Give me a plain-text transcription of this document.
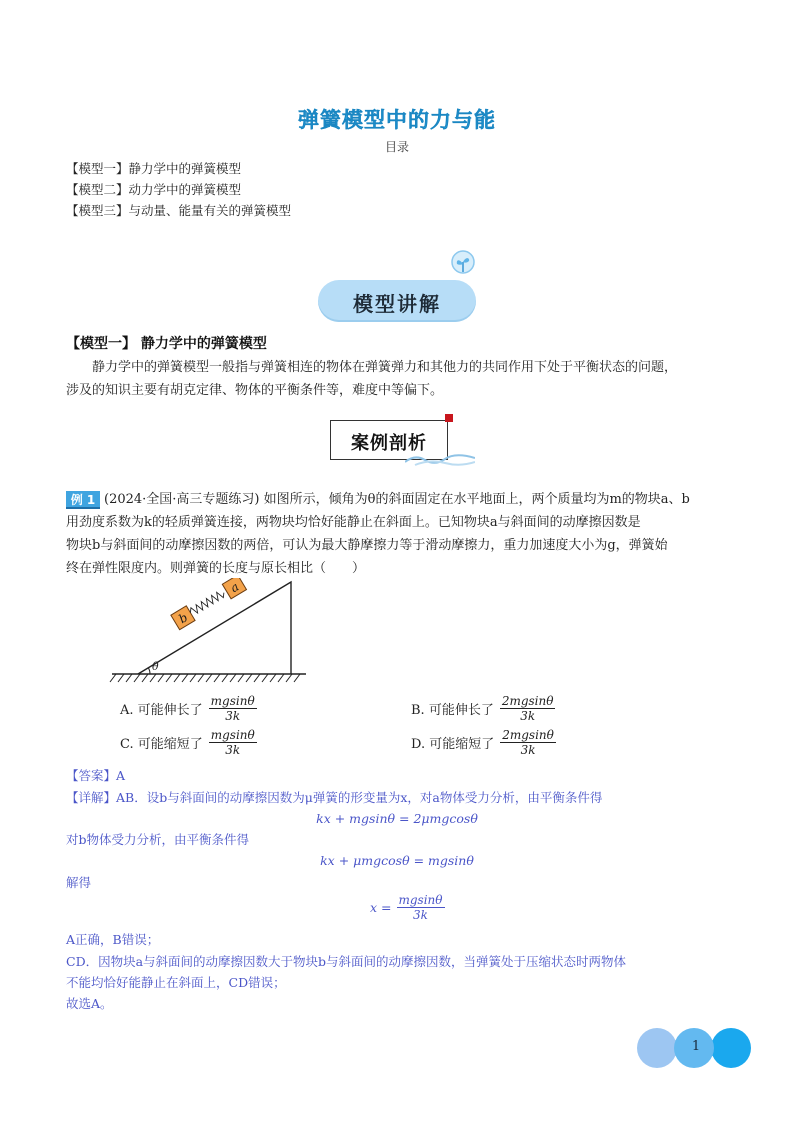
弹簧模型中的力与能
目录
【模型一】静力学中的弹簧模型
【模型二】动力学中的弹簧模型
【模型三】与动量、能量有关的弹簧模型
模型讲解
【模型一】 静力学中的弹簧模型
静力学中的弹簧模型一般指与弹簧相连的物体在弹簧弹力和其他力的共同作用下处于平衡状态的问题，
涉及的知识主要有胡克定律、物体的平衡条件等，难度中等偏下。
案例剖析
例 1 (2024·全国·高三专题练习) 如图所示，倾角为θ的斜面固定在水平地面上，两个质量均为m的物块a、b
用劲度系数为k的轻质弹簧连接，两物块均恰好能静止在斜面上。已知物块a与斜面间的动摩擦因数是
物块b与斜面间的动摩擦因数的两倍，可认为最大静摩擦力等于滑动摩擦力，重力加速度大小为g，弹簧始
终在弹性限度内。则弹簧的长度与原长相比（　　）
b
a
θ
A. 可能伸长了 $\frac{mgsin\theta}{3k}$	B. 可能伸长了 $\frac{2mgsin\theta}{3k}$
C. 可能缩短了 $\frac{mgsin\theta}{3k}$	D. 可能缩短了 $\frac{2mgsin\theta}{3k}$
【答案】A
【详解】AB．设b与斜面间的动摩擦因数为μ弹簧的形变量为x，对a物体受力分析，由平衡条件得
kx + mgsinθ = 2μmgcosθ
对b物体受力分析，由平衡条件得
kx + μmgcosθ = mgsinθ
解得
$x = \frac{mgsin\theta}{3k}$
A正确，B错误；
CD．因物块a与斜面间的动摩擦因数大于物块b与斜面间的动摩擦因数，当弹簧处于压缩状态时两物体
不能均恰好能静止在斜面上，CD错误；
故选A。
1
